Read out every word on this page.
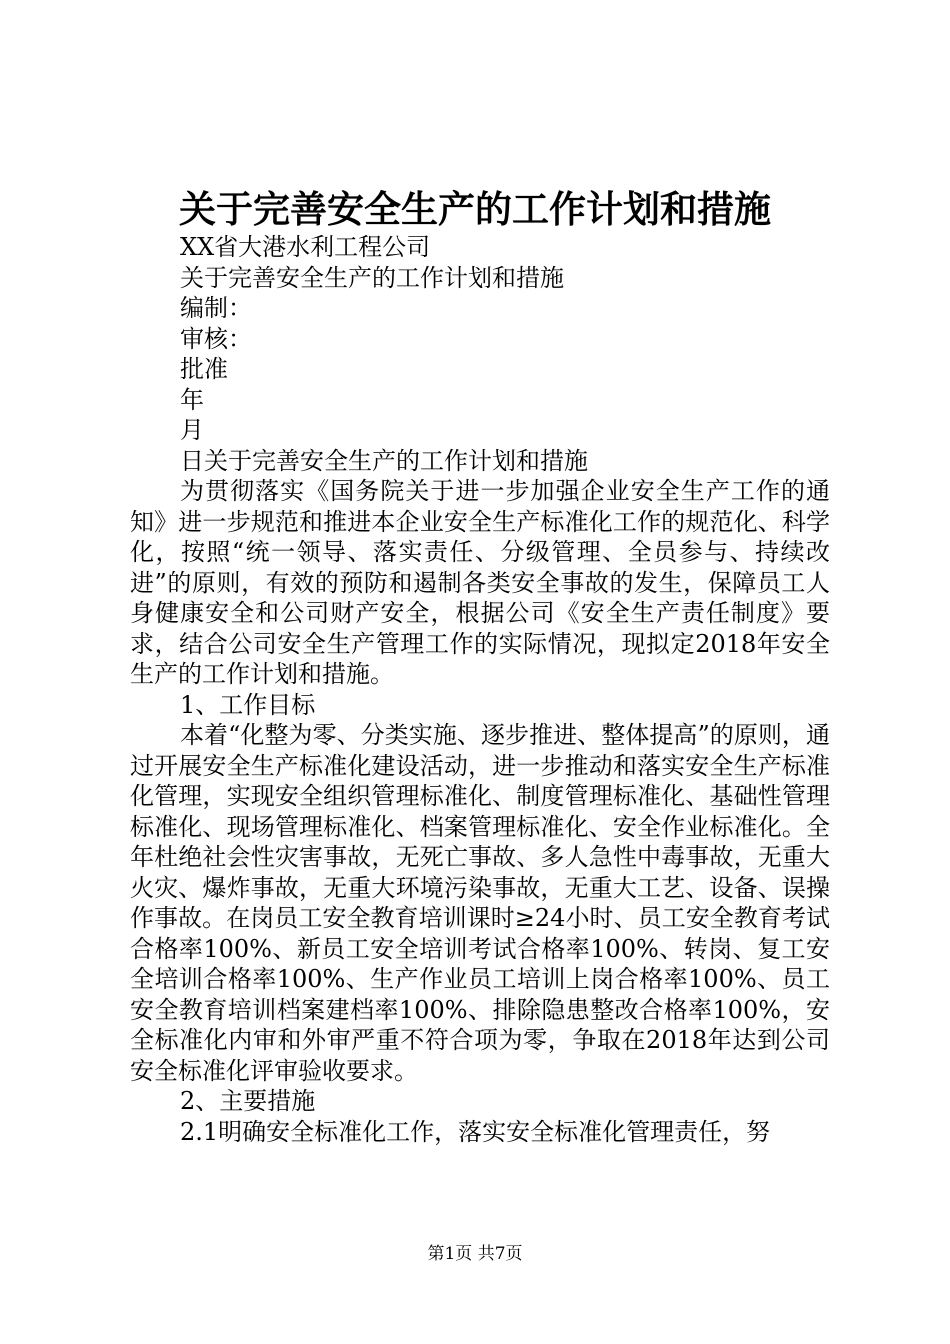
关于完善安全生产的工作计划和措施
XX省大港水利工程公司
关于完善安全生产的工作计划和措施
编制：
审核：
批准
年
月
日关于完善安全生产的工作计划和措施

为贯彻落实《国务院关于进一步加强企业安全生产工作的通知》进一步规范和推进本企业安全生产标准化工作的规范化、科学化，按照“统一领导、落实责任、分级管理、全员参与、持续改进”的原则，有效的预防和遏制各类安全事故的发生，保障员工人身健康安全和公司财产安全，根据公司《安全生产责任制度》要求，结合公司安全生产管理工作的实际情况，现拟定2018年安全生产的工作计划和措施。

1、工作目标

本着“化整为零、分类实施、逐步推进、整体提高”的原则，通过开展安全生产标准化建设活动，进一步推动和落实安全生产标准化管理，实现安全组织管理标准化、制度管理标准化、基础性管理标准化、现场管理标准化、档案管理标准化、安全作业标准化。全年杜绝社会性灾害事故，无死亡事故、多人急性中毒事故，无重大火灾、爆炸事故，无重大环境污染事故，无重大工艺、设备、误操作事故。在岗员工安全教育培训课时≥24小时、员工安全教育考试合格率100%、新员工安全培训考试合格率100%、转岗、复工安全培训合格率100%、生产作业员工培训上岗合格率100%、员工安全教育培训档案建档率100%、排除隐患整改合格率100%，安全标准化内审和外审严重不符合项为零，争取在2018年达到公司安全标准化评审验收要求。

2、主要措施
2.1明确安全标准化工作，落实安全标准化管理责任，努
第1页 共7页
